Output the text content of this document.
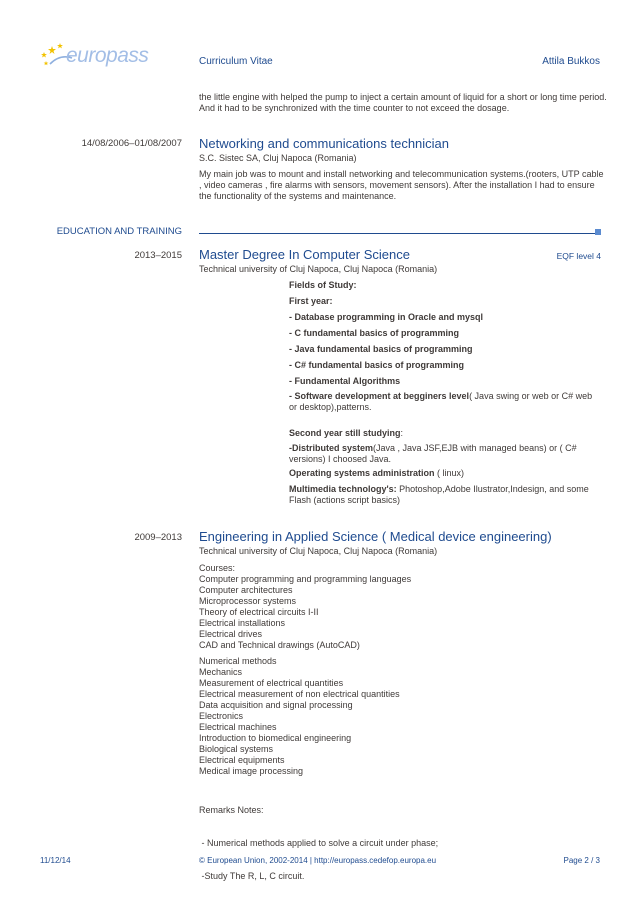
europass	Curriculum Vitae	Attila Bukkos
the little engine with helped the pump to inject a certain amount of liquid for a short or long time period.
And it had to be synchronized with the time counter to not exceed the dosage.
14/08/2006–01/08/2007 Networking and communications technician
S.C. Sistec SA, Cluj Napoca (Romania)
My main job was to mount and install networking and telecommunication systems.(rooters, UTP cable
, video cameras , fire alarms with sensors, movement sensors). After the installation I had to ensure
the functionality of the systems and maintenance.
EDUCATION AND TRAINING
2013–2015 Master Degree In Computer Science	EQF level 4
Technical university of Cluj Napoca, Cluj Napoca (Romania)
Fields of Study:
First year:
- Database programming in Oracle and mysql
- C fundamental basics of programming
- Java fundamental basics of programming
- C# fundamental basics of programming
- Fundamental Algorithms
- Software development at begginers level( Java swing or web or C# web
or desktop),patterns.
Second year still studying:
-Distributed system(Java , Java JSF,EJB with managed beans) or ( C#
versions) I choosed Java.
Operating systems administration ( linux)
Multimedia technology's: Photoshop,Adobe Ilustrator,Indesign, and some
Flash (actions script basics)
2009–2013 Engineering in Applied Science ( Medical device engineering)
Technical university of Cluj Napoca, Cluj Napoca (Romania)
Courses:
Computer programming and programming languages
Computer architectures
Microprocessor systems
Theory of electrical circuits I-II
Electrical installations
Electrical drives
CAD and Technical drawings (AutoCAD)
Numerical methods
Mechanics
Measurement of electrical quantities
Electrical measurement of non electrical quantities
Data acquisition and signal processing
Electronics
Electrical machines
Introduction to biomedical engineering
Biological systems
Electrical equipments
Medical image processing

Remarks Notes:

- Numerical methods applied to solve a circuit under phase;

-Study The R, L, C circuit.

11/12/14	© European Union, 2002-2014 | http://europass.cedefop.europa.eu	Page 2 / 3
